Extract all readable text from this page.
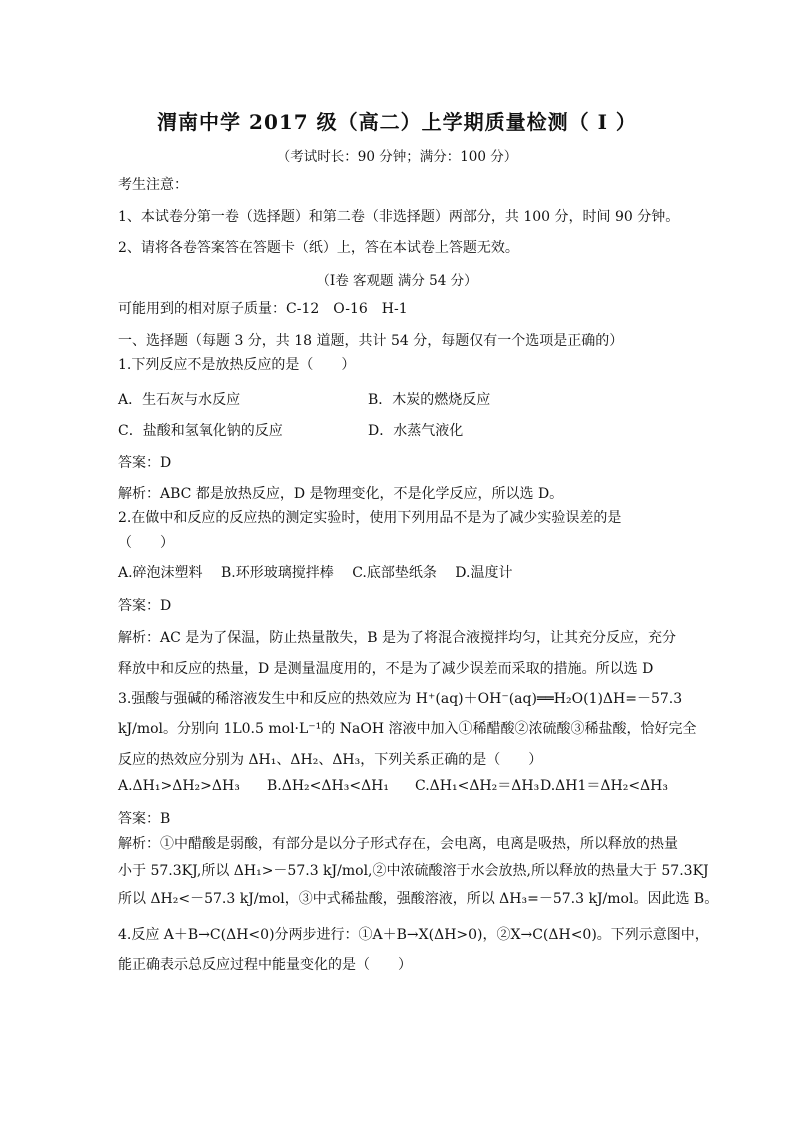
渭南中学 2017 级（高二）上学期质量检测（ Ⅰ ）
（考试时长：90 分钟；满分：100 分）
考生注意：
1、本试卷分第一卷（选择题）和第二卷（非选择题）两部分，共 100 分，时间 90 分钟。
2、请将各卷答案答在答题卡（纸）上，答在本试卷上答题无效。
（Ⅰ卷 客观题 满分 54 分）
可能用到的相对原子质量：C-12　O-16　H-1
一、选择题（每题 3 分，共 18 道题，共计 54 分，每题仅有一个选项是正确的）
1.下列反应不是放热反应的是（　　）
A．生石灰与水反应	B．木炭的燃烧反应
C．盐酸和氢氧化钠的反应	D．水蒸气液化
答案：D
解析：ABC 都是放热反应，D 是物理变化，不是化学反应，所以选 D。
2.在做中和反应的反应热的测定实验时，使用下列用品不是为了减少实验误差的是
（　　）
A.碎泡沫塑料　 B.环形玻璃搅拌棒　 C.底部垫纸条　 D.温度计
答案：D
解析：AC 是为了保温，防止热量散失，B 是为了将混合液搅拌均匀，让其充分反应，充分
释放中和反应的热量，D 是测量温度用的，不是为了减少误差而采取的措施。所以选 D
3.强酸与强碱的稀溶液发生中和反应的热效应为 H⁺(aq)＋OH⁻(aq)══H₂O(1)ΔH=－57.3
kJ/mol。分别向 1L0.5 mol·L⁻¹的 NaOH 溶液中加入①稀醋酸②浓硫酸③稀盐酸，恰好完全
反应的热效应分别为 ΔH₁、ΔH₂、ΔH₃，下列关系正确的是（　　）
A.ΔH₁>ΔH₂>ΔH₃ B.ΔH₂<ΔH₃<ΔH₁ C.ΔH₁<ΔH₂＝ΔH₃ D.ΔH1＝ΔH₂<ΔH₃
答案：B
解析：①中醋酸是弱酸，有部分是以分子形式存在，会电离，电离是吸热，所以释放的热量
小于 57.3KJ,所以 ΔH₁>－57.3 kJ/mol,②中浓硫酸溶于水会放热,所以释放的热量大于 57.3KJ
所以 ΔH₂<－57.3 kJ/mol，③中式稀盐酸，强酸溶液，所以 ΔH₃=－57.3 kJ/mol。因此选 B。
4.反应 A＋B→C(ΔH<0)分两步进行：①A＋B→X(ΔH>0)，②X→C(ΔH<0)。下列示意图中，
能正确表示总反应过程中能量变化的是（　　）
